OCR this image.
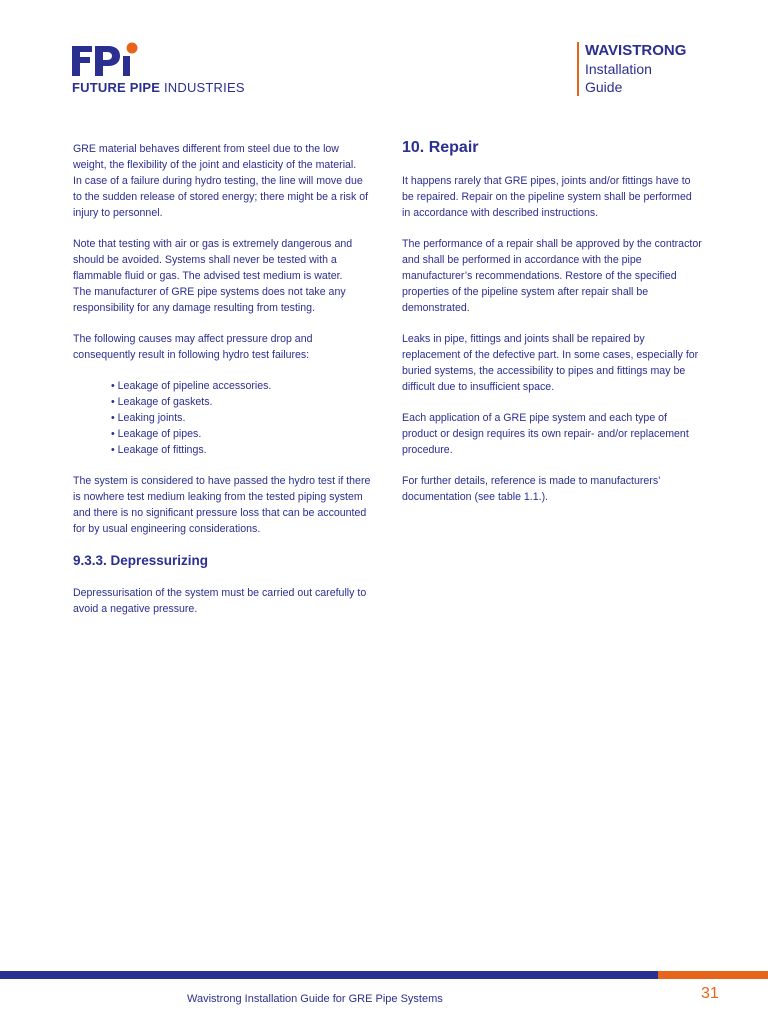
FUTURE PIPE INDUSTRIES
WAVISTRONG
Installation
Guide

GRE material behaves different from steel due to the low weight, the flexibility of the joint and elasticity of the material.
In case of a failure during hydro testing, the line will move due to the sudden release of stored energy; there might be a risk of injury to personnel.

Note that testing with air or gas is extremely dangerous and should be avoided. Systems shall never be tested with a flammable fluid or gas. The advised test medium is water.
The manufacturer of GRE pipe systems does not take any responsibility for any damage resulting from testing.

The following causes may affect pressure drop and consequently result in following hydro test failures:

• Leakage of pipeline accessories.
• Leakage of gaskets.
• Leaking joints.
• Leakage of pipes.
• Leakage of fittings.

The system is considered to have passed the hydro test if there is nowhere test medium leaking from the tested piping system and there is no significant pressure loss that can be accounted for by usual engineering considerations.

9.3.3. Depressurizing

Depressurisation of the system must be carried out carefully to avoid a negative pressure.

10. Repair

It happens rarely that GRE pipes, joints and/or fittings have to be repaired. Repair on the pipeline system shall be performed in accordance with described instructions.

The performance of a repair shall be approved by the contractor and shall be performed in accordance with the pipe manufacturer’s recommendations. Restore of the specified properties of the pipeline system after repair shall be demonstrated.

Leaks in pipe, fittings and joints shall be repaired by replacement of the defective part. In some cases, especially for buried systems, the accessibility to pipes and fittings may be difficult due to insufficient space.

Each application of a GRE pipe system and each type of product or design requires its own repair- and/or replacement procedure.

For further details, reference is made to manufacturers’ documentation (see table 1.1.).

Wavistrong Installation Guide for GRE Pipe Systems	31
